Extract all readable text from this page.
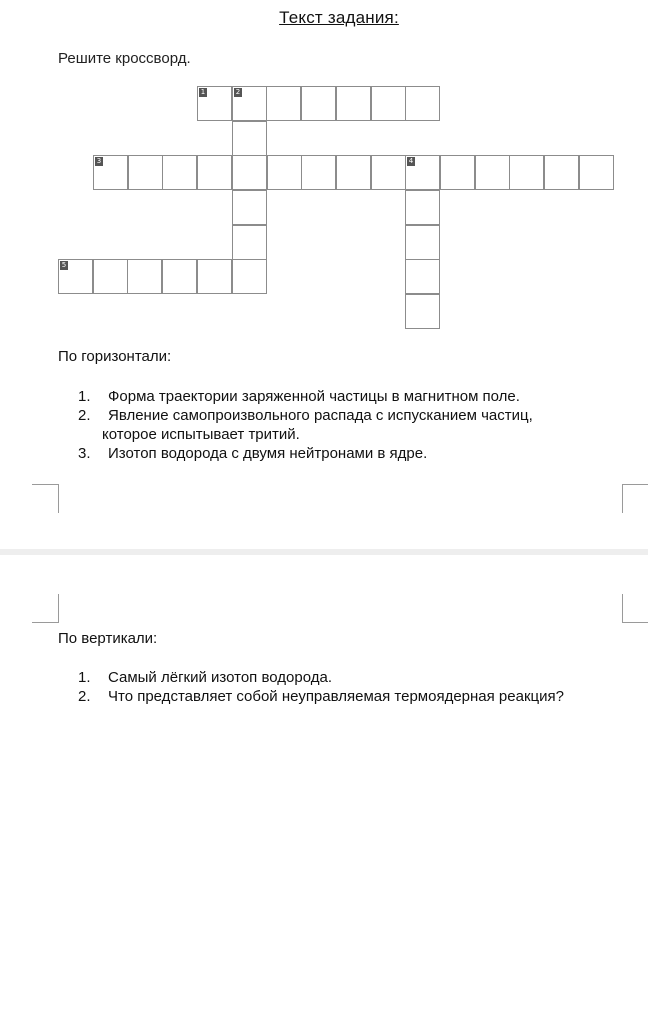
Текст задания:
Решите кроссворд.
1	2
3	4
5
По горизонтали:
1. Форма траектории заряженной частицы в магнитном поле.
2. Явление самопроизвольного распада с испусканием частиц,
которое испытывает тритий.
3. Изотоп водорода с двумя нейтронами в ядре.
По вертикали:
1. Самый лёгкий изотоп водорода.
2. Что представляет собой неуправляемая термоядерная реакция?
